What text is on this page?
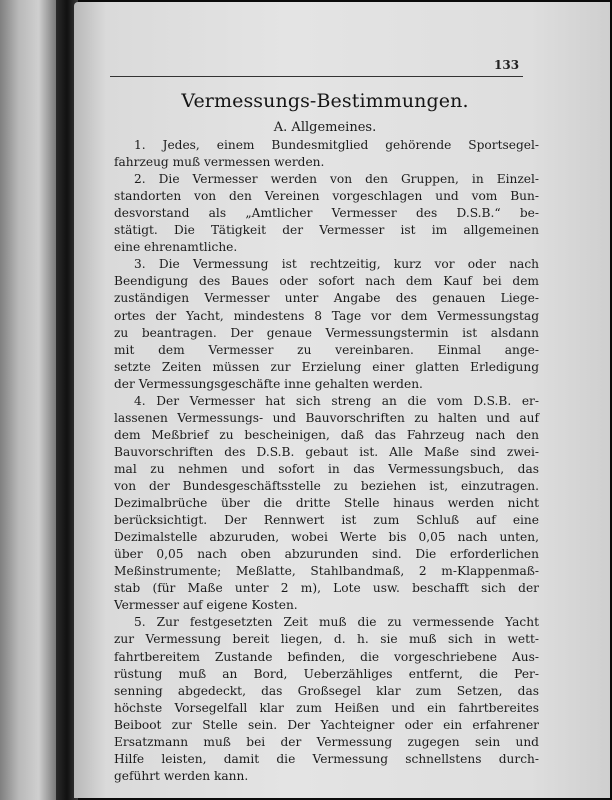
133
Vermessungs-Bestimmungen.
A. Allgemeines.
1. Jedes, einem Bundesmitglied gehörende Sportsegel-
fahrzeug muß vermessen werden.
2. Die Vermesser werden von den Gruppen, in Einzel-
standorten von den Vereinen vorgeschlagen und vom Bun-
desvorstand als „Amtlicher Vermesser des D.S.B.“ be-
stätigt. Die Tätigkeit der Vermesser ist im allgemeinen
eine ehrenamtliche.
3. Die Vermessung ist rechtzeitig, kurz vor oder nach
Beendigung des Baues oder sofort nach dem Kauf bei dem
zuständigen Vermesser unter Angabe des genauen Liege-
ortes der Yacht, mindestens 8 Tage vor dem Vermessungstag
zu beantragen. Der genaue Vermessungstermin ist alsdann
mit dem Vermesser zu vereinbaren. Einmal ange-
setzte Zeiten müssen zur Erzielung einer glatten Erledigung
der Vermessungsgeschäfte inne gehalten werden.
4. Der Vermesser hat sich streng an die vom D.S.B. er-
lassenen Vermessungs- und Bauvorschriften zu halten und auf
dem Meßbrief zu bescheinigen, daß das Fahrzeug nach den
Bauvorschriften des D.S.B. gebaut ist. Alle Maße sind zwei-
mal zu nehmen und sofort in das Vermessungsbuch, das
von der Bundesgeschäftsstelle zu beziehen ist, einzutragen.
Dezimalbrüche über die dritte Stelle hinaus werden nicht
berücksichtigt. Der Rennwert ist zum Schluß auf eine
Dezimalstelle abzuruden, wobei Werte bis 0,05 nach unten,
über 0,05 nach oben abzurunden sind. Die erforderlichen
Meßinstrumente; Meßlatte, Stahlbandmaß, 2 m-Klappenmaß-
stab (für Maße unter 2 m), Lote usw. beschafft sich der
Vermesser auf eigene Kosten.
5. Zur festgesetzten Zeit muß die zu vermessende Yacht
zur Vermessung bereit liegen, d. h. sie muß sich in wett-
fahrtbereitem Zustande befinden, die vorgeschriebene Aus-
rüstung muß an Bord, Ueberzähliges entfernt, die Per-
senning abgedeckt, das Großsegel klar zum Setzen, das
höchste Vorsegelfall klar zum Heißen und ein fahrtbereites
Beiboot zur Stelle sein. Der Yachteigner oder ein erfahrener
Ersatzmann muß bei der Vermessung zugegen sein und
Hilfe leisten, damit die Vermessung schnellstens durch-
geführt werden kann.
